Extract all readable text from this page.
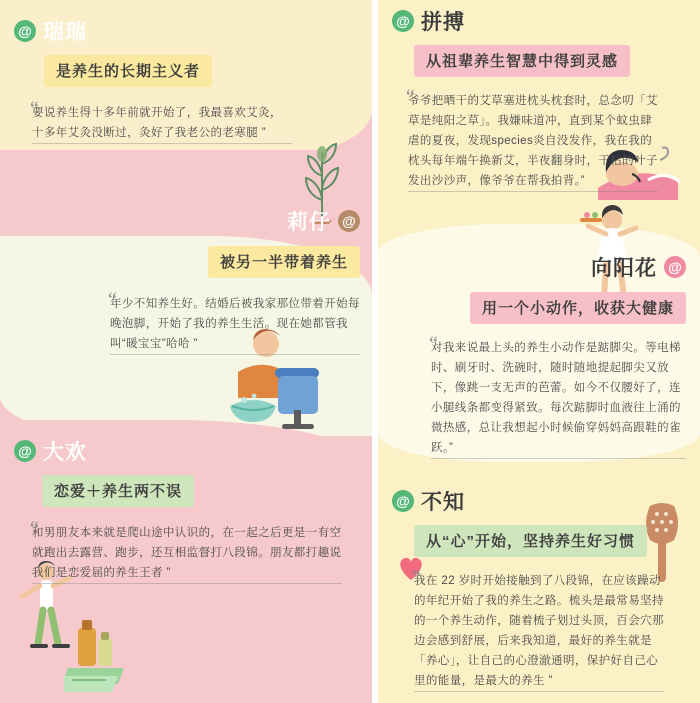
@ 瑞瑞
是养生的长期主义者
“ 要说养生得十多年前就开始了，我最喜欢艾灸，十多年艾灸没断过，灸好了我老公的老寒腿 ”
莉仔 @
被另一半带着养生
“ 年少不知养生好。结婚后被我家那位带着开始每晚泡脚，开始了我的养生生活。现在她都管我叫“暖宝宝”哈哈 ”
@ 大欢
恋爱＋养生两不误
“ 和男朋友本来就是爬山途中认识的，在一起之后更是一有空就跑出去露营、跑步，还互相监督打八段锦。朋友都打趣说我们是恋爱届的养生王者 ”
@ 拼搏
从祖辈养生智慧中得到灵感
“ 爷爷把晒干的艾草塞进枕头枕套时，总念叨「艾草是纯阳之草」。我嫌味道冲，直到某个蚊虫肆虐的夏夜，发现species炎自没发作，我在我的枕头每年端午换新艾，半夜翻身时，干枯的叶子发出沙沙声，像爷爷在帮我拍背。”
向阳花 @
用一个小动作，收获大健康
“ 对我来说最上头的养生小动作是踮脚尖。等电梯时、刷牙时、洗碗时，随时随地提起脚尖又放下，像跳一支无声的芭蕾。如今不仅腰好了，连小腿线条都变得紧致。每次踮脚时血液往上涌的微热感，总让我想起小时候偷穿妈妈高跟鞋的雀跃。”
@ 不知
从“心”开始，坚持养生好习惯
“ 我在 22 岁时开始接触到了八段锦，在应该躁动的年纪开始了我的养生之路。梳头是最常易坚持的一个养生动作，随着梳子划过头顶，百会穴那边会感到舒展，后来我知道，最好的养生就是「养心」，让自己的心澄澈通明，保护好自己心里的能量，是最大的养生 ”
